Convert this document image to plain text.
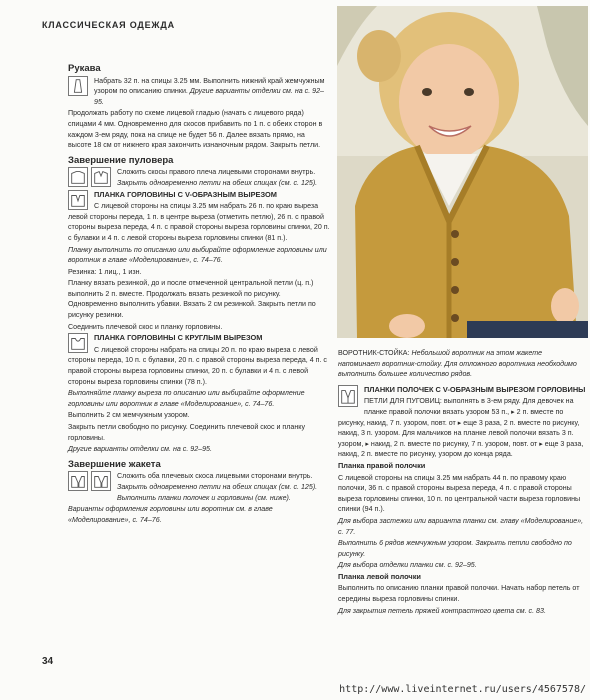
КЛАССИЧЕСКАЯ ОДЕЖДА

Рукава

Набрать 32 п. на спицы 3.25 мм. Выполнить нижний край жемчужным узором по описанию спинки. Другие варианты отделки см. на с. 92–95.

Продолжать работу по схеме лицевой гладью (начать с лицевого ряда) спицами 4 мм. Одновременно для скосов прибавить по 1 п. с обеих сторон в каждом 3-ем ряду, пока на спице не будет 56 п. Далее вязать прямо, на высоте 18 см от нижнего края закончить изнаночным рядом. Закрыть петли.

Завершение пуловера

Сложить скосы правого плеча лицевыми сторонами внутрь. Закрыть одновременно петли на обеих спицах (см. с. 125).

ПЛАНКА ГОРЛОВИНЫ С V-ОБРАЗНЫМ ВЫРЕЗОМ

С лицевой стороны на спицы 3.25 мм набрать 26 п. по краю выреза левой стороны переда, 1 п. в центре выреза (отметить петлю), 26 п. с правой стороны выреза переда, 4 п. с правой стороны выреза горловины спинки, 20 п. с булавки и 4 п. с левой стороны выреза горловины спинки (81 п.).

Планку выполнить по описанию или выбирайте оформление горловины или воротник в главе «Моделирование», с. 74–76.

Резинка: 1 лиц., 1 изн.

Планку вязать резинкой, до и после отмеченной центральной петли (ц. п.) выполнить 2 п. вместе. Продолжать вязать резинкой по рисунку. Одновременно выполнить убавки. Вязать 2 см резинкой. Закрыть петли по рисунку резинки.

Соединить плечевой скос и планку горловины.

ПЛАНКА ГОРЛОВИНЫ С КРУГЛЫМ ВЫРЕЗОМ

С лицевой стороны набрать на спицы 20 п. по краю выреза с левой стороны переда, 10 п. с булавки, 20 п. с правой стороны выреза переда, 4 п. с правой стороны выреза горловины спинки, 20 п. с булавки и 4 п. с левой стороны выреза горловины спинки (78 п.).

Выполняйте планку выреза по описанию или выбирайте оформление горловины или воротник в главе «Моделирование», с. 74–76.

Выполнить 2 см жемчужным узором.

Закрыть петли свободно по рисунку. Соединить плечевой скос и планку горловины.

Другие варианты отделки см. на с. 92–95.

Завершение жакета

Сложить оба плечевых скоса лицевыми сторонами внутрь. Закрыть одновременно петли на обеих спицах (см. с. 125). Выполнить планки полочек и горловины (см. ниже).

Варианты оформления горловины или воротник см. в главе «Моделирование», с. 74–76.

ВОРОТНИК-СТОЙКА: Небольшой воротник на этом жакете напоминает воротник-стойку. Для отложного воротника необходимо выполнить большее количество рядов.

ПЛАНКИ ПОЛОЧЕК С V-ОБРАЗНЫМ ВЫРЕЗОМ ГОРЛОВИНЫ

ПЕТЛИ ДЛЯ ПУГОВИЦ: выполнять в 3-ем ряду. Для девочек на планке правой полочки вязать узором 53 п., ▸ 2 п. вместе по рисунку, накид, 7 п. узором, повт. от ▸ еще 3 раза, 2 п. вместе по рисунку, накид, 3 п. узором. Для мальчиков на планке левой полочки вязать 3 п. узором, ▸ накид, 2 п. вместе по рисунку, 7 п. узором, повт. от ▸ еще 3 раза, накид, 2 п. вместе по рисунку, узором до конца ряда.

Планка правой полочки

С лицевой стороны на спицы 3.25 мм набрать 44 п. по правому краю полочки, 36 п. с правой стороны выреза переда, 4 п. с правой стороны выреза горловины спинки, 10 п. по центральной части выреза горловины спинки (94 п.).

Для выбора застежки или варианта планки см. главу «Моделирование», с. 77.

Выполнить 6 рядов жемчужным узором. Закрыть петли свободно по рисунку.

Для выбора отделки планки см. с. 92–95.

Планка левой полочки

Выполнить по описанию планки правой полочки. Начать набор петель от середины выреза горловины спинки.

Для закрытия петель пряжей контрастного цвета см. с. 83.

34
http://www.liveinternet.ru/users/4567578/
